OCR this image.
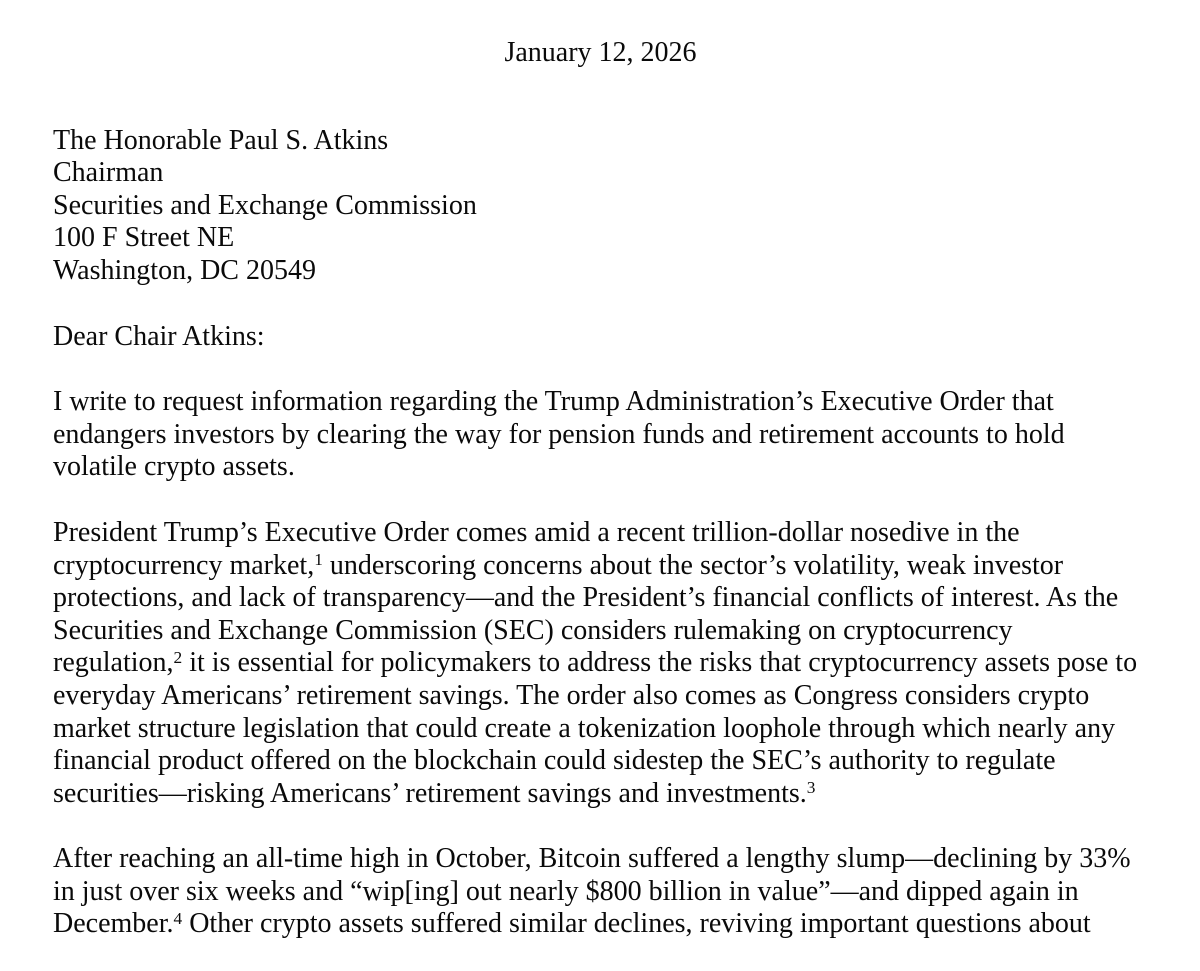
January 12, 2026
The Honorable Paul S. Atkins
Chairman
Securities and Exchange Commission
100 F Street NE
Washington, DC 20549
Dear Chair Atkins:

I write to request information regarding the Trump Administration’s Executive Order that endangers investors by clearing the way for pension funds and retirement accounts to hold volatile crypto assets.

President Trump’s Executive Order comes amid a recent trillion-dollar nosedive in the cryptocurrency market,$^1$ underscoring concerns about the sector’s volatility, weak investor protections, and lack of transparency—and the President’s financial conflicts of interest. As the Securities and Exchange Commission (SEC) considers rulemaking on cryptocurrency regulation,$^2$ it is essential for policymakers to address the risks that cryptocurrency assets pose to everyday Americans’ retirement savings. The order also comes as Congress considers crypto market structure legislation that could create a tokenization loophole through which nearly any financial product offered on the blockchain could sidestep the SEC’s authority to regulate securities—risking Americans’ retirement savings and investments.$^3$

After reaching an all-time high in October, Bitcoin suffered a lengthy slump—declining by 33% in just over six weeks and “wip[ing] out nearly $800 billion in value”—and dipped again in December.$^4$ Other crypto assets suffered similar declines, reviving important questions about
